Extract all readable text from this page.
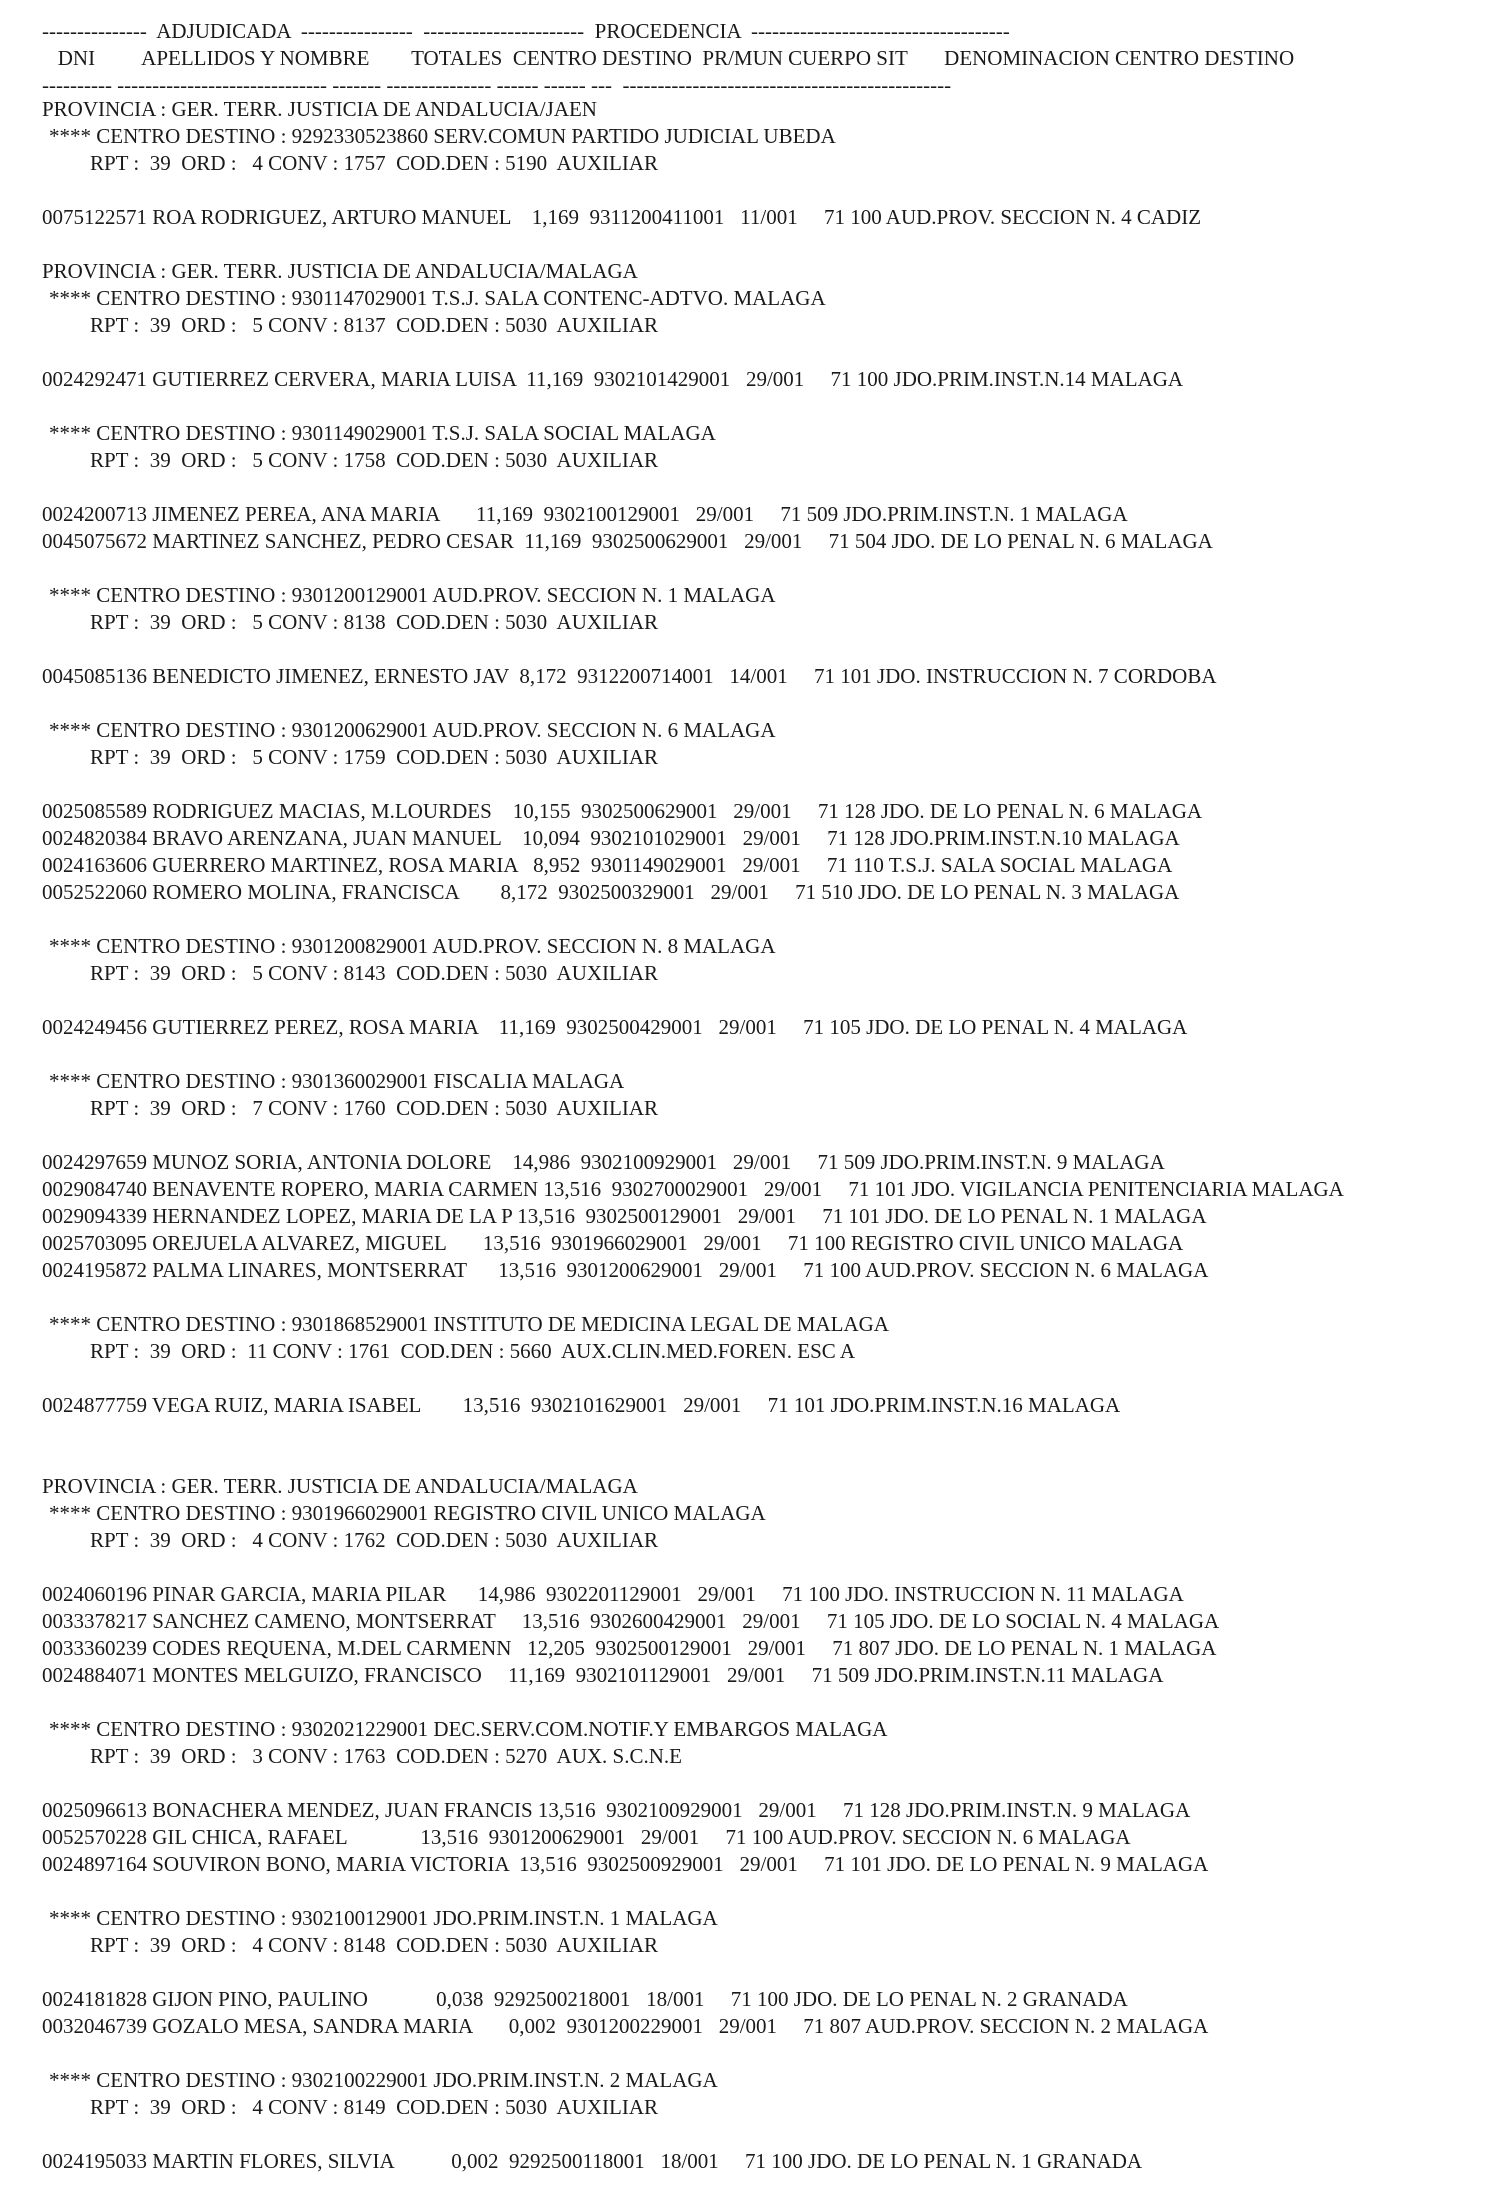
---------------  ADJUDICADA  ----------------  -----------------------  PROCEDENCIA  -------------------------------------
DNI         APELLIDOS Y NOMBRE        TOTALES  CENTRO DESTINO  PR/MUN CUERPO SIT       DENOMINACION CENTRO DESTINO
---------- ------------------------------ ------- --------------- ------ ------ ---  -----------------------------------------------
PROVINCIA : GER. TERR. JUSTICIA DE ANDALUCIA/JAEN
**** CENTRO DESTINO : 9292330523860 SERV.COMUN PARTIDO JUDICIAL UBEDA
RPT :  39  ORD :   4 CONV : 1757  COD.DEN : 5190  AUXILIAR
0075122571 ROA RODRIGUEZ, ARTURO MANUEL    1,169  9311200411001   11/001     71 100 AUD.PROV. SECCION N. 4 CADIZ
PROVINCIA : GER. TERR. JUSTICIA DE ANDALUCIA/MALAGA
**** CENTRO DESTINO : 9301147029001 T.S.J. SALA CONTENC-ADTVO. MALAGA
RPT :  39  ORD :   5 CONV : 8137  COD.DEN : 5030  AUXILIAR
0024292471 GUTIERREZ CERVERA, MARIA LUISA  11,169  9302101429001   29/001     71 100 JDO.PRIM.INST.N.14 MALAGA
**** CENTRO DESTINO : 9301149029001 T.S.J. SALA SOCIAL MALAGA
RPT :  39  ORD :   5 CONV : 1758  COD.DEN : 5030  AUXILIAR
0024200713 JIMENEZ PEREA, ANA MARIA       11,169  9302100129001   29/001     71 509 JDO.PRIM.INST.N. 1 MALAGA
0045075672 MARTINEZ SANCHEZ, PEDRO CESAR  11,169  9302500629001   29/001     71 504 JDO. DE LO PENAL N. 6 MALAGA
**** CENTRO DESTINO : 9301200129001 AUD.PROV. SECCION N. 1 MALAGA
RPT :  39  ORD :   5 CONV : 8138  COD.DEN : 5030  AUXILIAR
0045085136 BENEDICTO JIMENEZ, ERNESTO JAV  8,172  9312200714001   14/001     71 101 JDO. INSTRUCCION N. 7 CORDOBA
**** CENTRO DESTINO : 9301200629001 AUD.PROV. SECCION N. 6 MALAGA
RPT :  39  ORD :   5 CONV : 1759  COD.DEN : 5030  AUXILIAR
0025085589 RODRIGUEZ MACIAS, M.LOURDES    10,155  9302500629001   29/001     71 128 JDO. DE LO PENAL N. 6 MALAGA
0024820384 BRAVO ARENZANA, JUAN MANUEL    10,094  9302101029001   29/001     71 128 JDO.PRIM.INST.N.10 MALAGA
0024163606 GUERRERO MARTINEZ, ROSA MARIA   8,952  9301149029001   29/001     71 110 T.S.J. SALA SOCIAL MALAGA
0052522060 ROMERO MOLINA, FRANCISCA        8,172  9302500329001   29/001     71 510 JDO. DE LO PENAL N. 3 MALAGA
**** CENTRO DESTINO : 9301200829001 AUD.PROV. SECCION N. 8 MALAGA
RPT :  39  ORD :   5 CONV : 8143  COD.DEN : 5030  AUXILIAR
0024249456 GUTIERREZ PEREZ, ROSA MARIA    11,169  9302500429001   29/001     71 105 JDO. DE LO PENAL N. 4 MALAGA
**** CENTRO DESTINO : 9301360029001 FISCALIA MALAGA
RPT :  39  ORD :   7 CONV : 1760  COD.DEN : 5030  AUXILIAR
0024297659 MUNOZ SORIA, ANTONIA DOLORE    14,986  9302100929001   29/001     71 509 JDO.PRIM.INST.N. 9 MALAGA
0029084740 BENAVENTE ROPERO, MARIA CARMEN 13,516  9302700029001   29/001     71 101 JDO. VIGILANCIA PENITENCIARIA MALAGA
0029094339 HERNANDEZ LOPEZ, MARIA DE LA P 13,516  9302500129001   29/001     71 101 JDO. DE LO PENAL N. 1 MALAGA
0025703095 OREJUELA ALVAREZ, MIGUEL       13,516  9301966029001   29/001     71 100 REGISTRO CIVIL UNICO MALAGA
0024195872 PALMA LINARES, MONTSERRAT      13,516  9301200629001   29/001     71 100 AUD.PROV. SECCION N. 6 MALAGA
**** CENTRO DESTINO : 9301868529001 INSTITUTO DE MEDICINA LEGAL DE MALAGA
RPT :  39  ORD :  11 CONV : 1761  COD.DEN : 5660  AUX.CLIN.MED.FOREN. ESC A
0024877759 VEGA RUIZ, MARIA ISABEL        13,516  9302101629001   29/001     71 101 JDO.PRIM.INST.N.16 MALAGA
PROVINCIA : GER. TERR. JUSTICIA DE ANDALUCIA/MALAGA
**** CENTRO DESTINO : 9301966029001 REGISTRO CIVIL UNICO MALAGA
RPT :  39  ORD :   4 CONV : 1762  COD.DEN : 5030  AUXILIAR
0024060196 PINAR GARCIA, MARIA PILAR      14,986  9302201129001   29/001     71 100 JDO. INSTRUCCION N. 11 MALAGA
0033378217 SANCHEZ CAMENO, MONTSERRAT     13,516  9302600429001   29/001     71 105 JDO. DE LO SOCIAL N. 4 MALAGA
0033360239 CODES REQUENA, M.DEL CARMENN   12,205  9302500129001   29/001     71 807 JDO. DE LO PENAL N. 1 MALAGA
0024884071 MONTES MELGUIZO, FRANCISCO     11,169  9302101129001   29/001     71 509 JDO.PRIM.INST.N.11 MALAGA
**** CENTRO DESTINO : 9302021229001 DEC.SERV.COM.NOTIF.Y EMBARGOS MALAGA
RPT :  39  ORD :   3 CONV : 1763  COD.DEN : 5270  AUX. S.C.N.E
0025096613 BONACHERA MENDEZ, JUAN FRANCIS 13,516  9302100929001   29/001     71 128 JDO.PRIM.INST.N. 9 MALAGA
0052570228 GIL CHICA, RAFAEL              13,516  9301200629001   29/001     71 100 AUD.PROV. SECCION N. 6 MALAGA
0024897164 SOUVIRON BONO, MARIA VICTORIA  13,516  9302500929001   29/001     71 101 JDO. DE LO PENAL N. 9 MALAGA
**** CENTRO DESTINO : 9302100129001 JDO.PRIM.INST.N. 1 MALAGA
RPT :  39  ORD :   4 CONV : 8148  COD.DEN : 5030  AUXILIAR
0024181828 GIJON PINO, PAULINO             0,038  9292500218001   18/001     71 100 JDO. DE LO PENAL N. 2 GRANADA
0032046739 GOZALO MESA, SANDRA MARIA       0,002  9301200229001   29/001     71 807 AUD.PROV. SECCION N. 2 MALAGA
**** CENTRO DESTINO : 9302100229001 JDO.PRIM.INST.N. 2 MALAGA
RPT :  39  ORD :   4 CONV : 8149  COD.DEN : 5030  AUXILIAR
0024195033 MARTIN FLORES, SILVIA           0,002  9292500118001   18/001     71 100 JDO. DE LO PENAL N. 1 GRANADA
